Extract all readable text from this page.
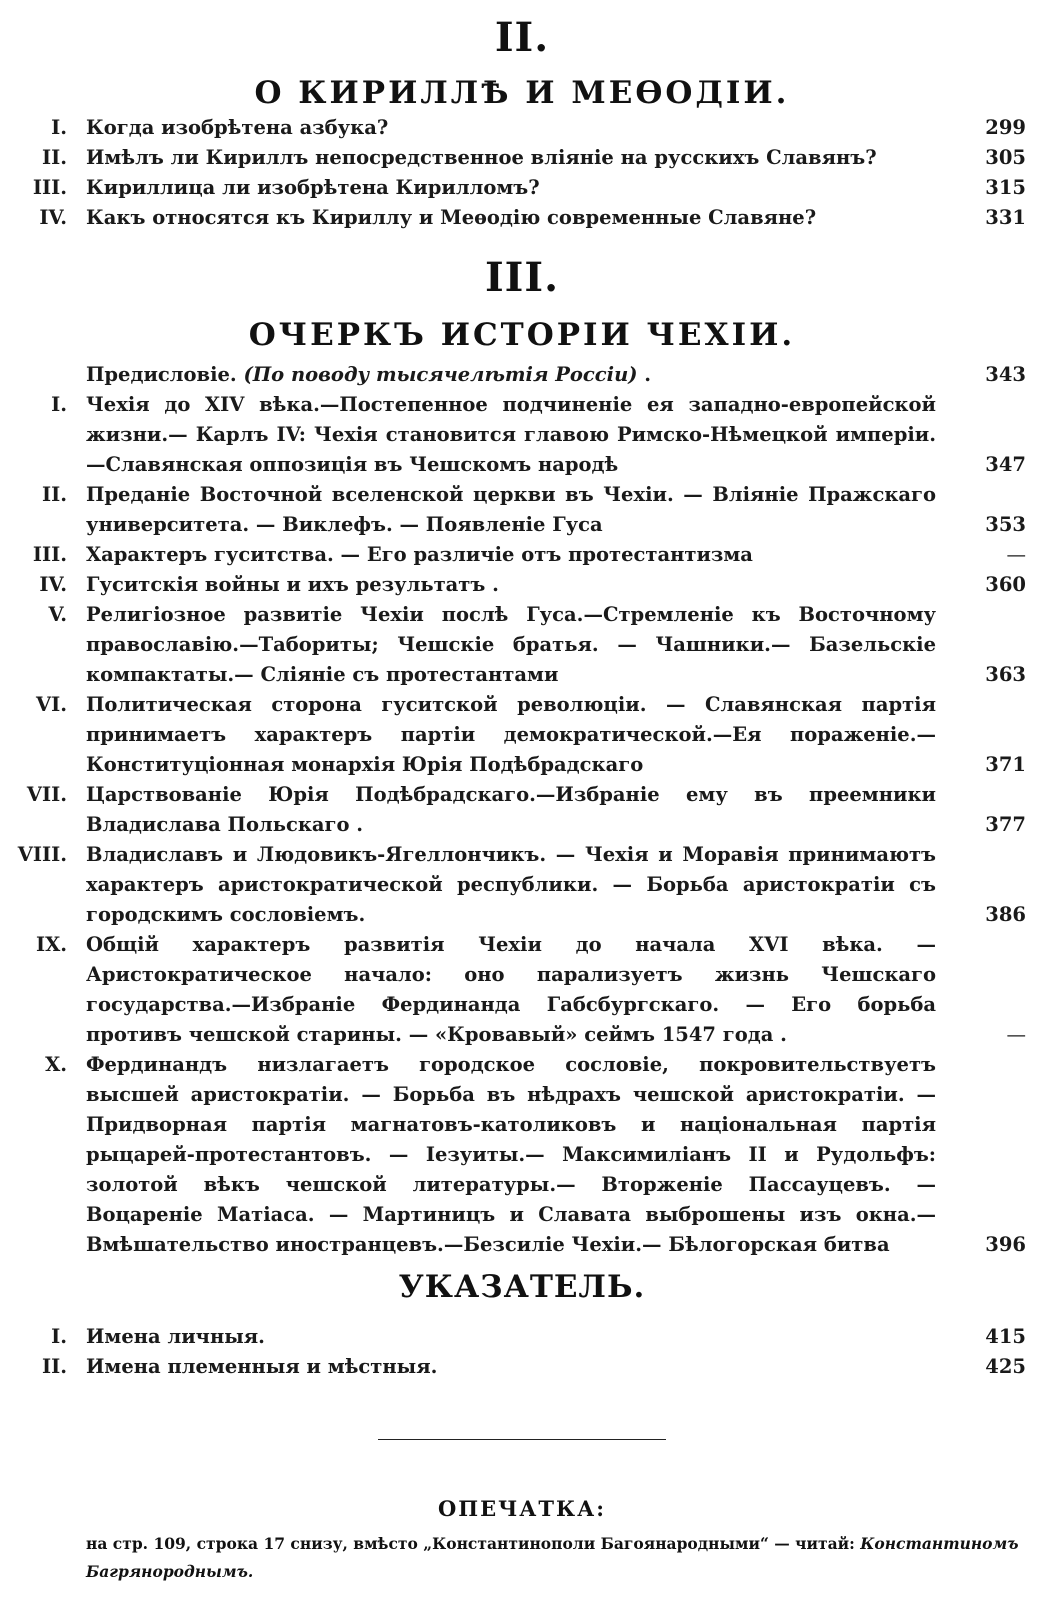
II.
О КИРИЛЛѢ И МЕѲОДІИ.
I. Когда изобрѣтена азбука?	299
II. Имѣлъ ли Кириллъ непосредственное вліяніе на русскихъ Славянъ?	305
III. Кириллица ли изобрѣтена Кирилломъ?	315
IV. Какъ относятся къ Кириллу и Меѳодію современные Славяне?	331
III.
ОЧЕРКЪ ИСТОРІИ ЧЕХІИ.
Предисловіе. (По поводу тысячелѣтія Россіи) .	343
I. Чехія до XIV вѣка.—Постепенное подчиненіе ея западно-европейской жизни.— Карлъ IV: Чехія становится главою Римско-Нѣмецкой имперіи.—Славянская оппозиція въ Чешскомъ народѣ	347
II. Преданіе Восточной вселенской церкви въ Чехіи. — Вліяніе Пражскаго университета. — Виклефъ. — Появленіе Гуса	353
III. Характеръ гуситства. — Его различіе отъ протестантизма	—
IV. Гуситскія войны и ихъ результатъ .	360
V. Религіозное развитіе Чехіи послѣ Гуса.—Стремленіе къ Восточному православію.—Табориты; Чешскіе братья. — Чашники.— Базельскіе компактаты.— Сліяніе съ протестантами	363
VI. Политическая сторона гуситской революціи. — Славянская партія принимаетъ характеръ партіи демократической.—Ея пораженіе.—Конституціонная монархія Юрія Подѣбрадскаго	371
VII. Царствованіе Юрія Подѣбрадскаго.—Избраніе ему въ преемники Владислава Польскаго .	377
VIII. Владиславъ и Людовикъ-Ягеллончикъ. — Чехія и Моравія принимаютъ характеръ аристократической республики. — Борьба аристократіи съ городскимъ сословіемъ.	386
IX. Общій характеръ развитія Чехіи до начала XVI вѣка. — Аристократическое начало: оно парализуетъ жизнь Чешскаго государства.—Избраніе Фердинанда Габсбургскаго. — Его борьба противъ чешской старины. — «Кровавый» сеймъ 1547 года .	—
X. Фердинандъ низлагаетъ городское сословіе, покровительствуетъ высшей аристократіи. — Борьба въ нѣдрахъ чешской аристократіи. — Придворная партія магнатовъ-католиковъ и національная партія рыцарей-протестантовъ. — Іезуиты.— Максимиліанъ II и Рудольфъ: золотой вѣкъ чешской литературы.— Вторженіе Пассауцевъ. — Воцареніе Матіаса. — Мартиницъ и Славата выброшены изъ окна.—Вмѣшательство иностранцевъ.—Безсиліе Чехіи.— Бѣлогорская битва	396
УКАЗАТЕЛЬ.
I. Имена личныя.	415
II. Имена племенныя и мѣстныя.	425
ОПЕЧАТКА:
на стр. 109, строка 17 снизу, вмѣсто „Константинополи Багоянародными“ — читай: Константиномъ Багрянороднымъ.
